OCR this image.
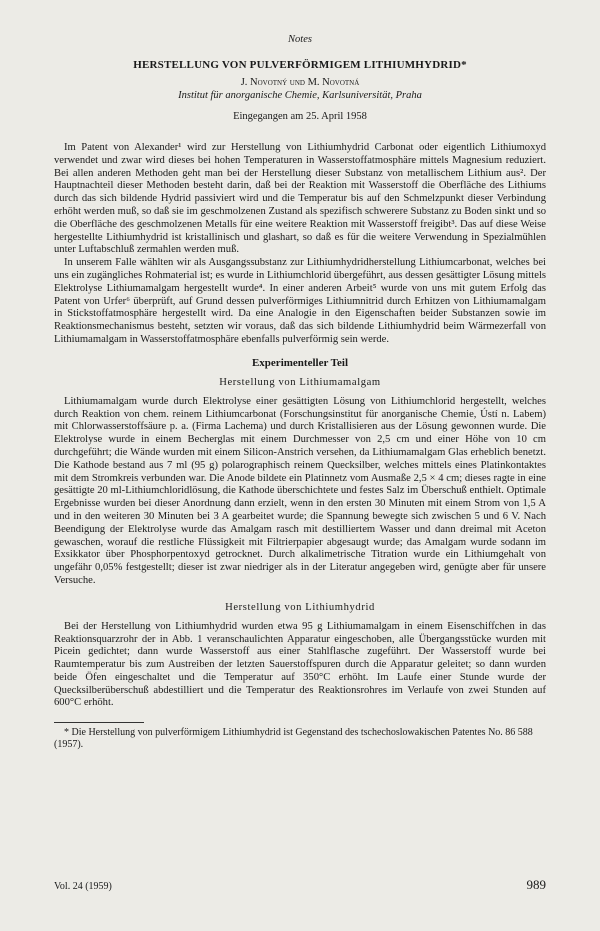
Notes
HERSTELLUNG VON PULVERFÖRMIGEM LITHIUMHYDRID*
J. Novotný und M. Novotná
Institut für anorganische Chemie, Karlsuniversität, Praha
Eingegangen am 25. April 1958

Im Patent von Alexander¹ wird zur Herstellung von Lithiumhydrid Carbonat oder eigentlich Lithiumoxyd verwendet und zwar wird dieses bei hohen Temperaturen in Wasserstoffatmosphäre mittels Magnesium reduziert. Bei allen anderen Methoden geht man bei der Herstellung dieser Substanz von metallischem Lithium aus². Der Hauptnachteil dieser Methoden besteht darin, daß bei der Reaktion mit Wasserstoff die Oberfläche des Lithiums durch das sich bildende Hydrid passiviert wird und die Temperatur bis auf den Schmelzpunkt dieser Verbindung erhöht werden muß, so daß sie im geschmolzenen Zustand als spezifisch schwerere Substanz zu Boden sinkt und so die Oberfläche des geschmolzenen Metalls für eine weitere Reaktion mit Wasserstoff freigibt³. Das auf diese Weise hergestellte Lithiumhydrid ist kristallinisch und glashart, so daß es für die weitere Verwendung in Spezialmühlen unter Luftabschluß zermahlen werden muß.

In unserem Falle wählten wir als Ausgangssubstanz zur Lithiumhydridherstellung Lithiumcarbonat, welches bei uns ein zugängliches Rohmaterial ist; es wurde in Lithiumchlorid übergeführt, aus dessen gesättigter Lösung mittels Elektrolyse Lithiumamalgam hergestellt wurde⁴. In einer anderen Arbeit⁵ wurde von uns mit gutem Erfolg das Patent von Urfer⁶ überprüft, auf Grund dessen pulverförmiges Lithiumnitrid durch Erhitzen von Lithiumamalgam in Stickstoffatmosphäre hergestellt wird. Da eine Analogie in den Eigenschaften beider Substanzen sowie im Reaktionsmechanismus besteht, setzten wir voraus, daß das sich bildende Lithiumhydrid beim Wärmezerfall von Lithiumamalgam in Wasserstoffatmosphäre ebenfalls pulverförmig sein werde.

Experimenteller Teil
Herstellung von Lithiumamalgam

Lithiumamalgam wurde durch Elektrolyse einer gesättigten Lösung von Lithiumchlorid hergestellt, welches durch Reaktion von chem. reinem Lithiumcarbonat (Forschungsinstitut für anorganische Chemie, Ústí n. Labem) mit Chlorwasserstoffsäure p. a. (Firma Lachema) und durch Kristallisieren aus der Lösung gewonnen wurde. Die Elektrolyse wurde in einem Becherglas mit einem Durchmesser von 2,5 cm und einer Höhe von 10 cm durchgeführt; die Wände wurden mit einem Silicon-Anstrich versehen, da Lithiumamalgam Glas erheblich benetzt. Die Kathode bestand aus 7 ml (95 g) polarographisch reinem Quecksilber, welches mittels eines Platinkontaktes mit dem Stromkreis verbunden war. Die Anode bildete ein Platinnetz vom Ausmaße 2,5 × 4 cm; dieses ragte in eine gesättigte 20 ml-Lithiumchloridlösung, die Kathode überschichtete und festes Salz im Überschuß enthielt. Optimale Ergebnisse wurden bei dieser Anordnung dann erzielt, wenn in den ersten 30 Minuten mit einem Strom von 1,5 A und in den weiteren 30 Minuten bei 3 A gearbeitet wurde; die Spannung bewegte sich zwischen 5 und 6 V. Nach Beendigung der Elektrolyse wurde das Amalgam rasch mit destilliertem Wasser und dann dreimal mit Aceton gewaschen, worauf die restliche Flüssigkeit mit Filtrierpapier abgesaugt wurde; das Amalgam wurde sodann im Exsikkator über Phosphorpentoxyd getrocknet. Durch alkalimetrische Titration wurde ein Lithiumgehalt von ungefähr 0,05% festgestellt; dieser ist zwar niedriger als in der Literatur angegeben wird, genügte aber für unsere Versuche.

Herstellung von Lithiumhydrid

Bei der Herstellung von Lithiumhydrid wurden etwa 95 g Lithiumamalgam in einem Eisenschiffchen in das Reaktionsquarzrohr der in Abb. 1 veranschaulichten Apparatur eingeschoben, alle Übergangsstücke wurden mit Picein gedichtet; dann wurde Wasserstoff aus einer Stahlflasche zugeführt. Der Wasserstoff wurde bei Raumtemperatur bis zum Austreiben der letzten Sauerstoffspuren durch die Apparatur geleitet; so dann wurden beide Öfen eingeschaltet und die Temperatur auf 350°C erhöht. Im Laufe einer Stunde wurde der Quecksilberüberschuß abdestilliert und die Temperatur des Reaktionsrohres im Verlaufe von zwei Stunden auf 600°C erhöht.

* Die Herstellung von pulverförmigem Lithiumhydrid ist Gegenstand des tschechoslowakischen Patentes No. 86 588 (1957).

Vol. 24 (1959)	989
